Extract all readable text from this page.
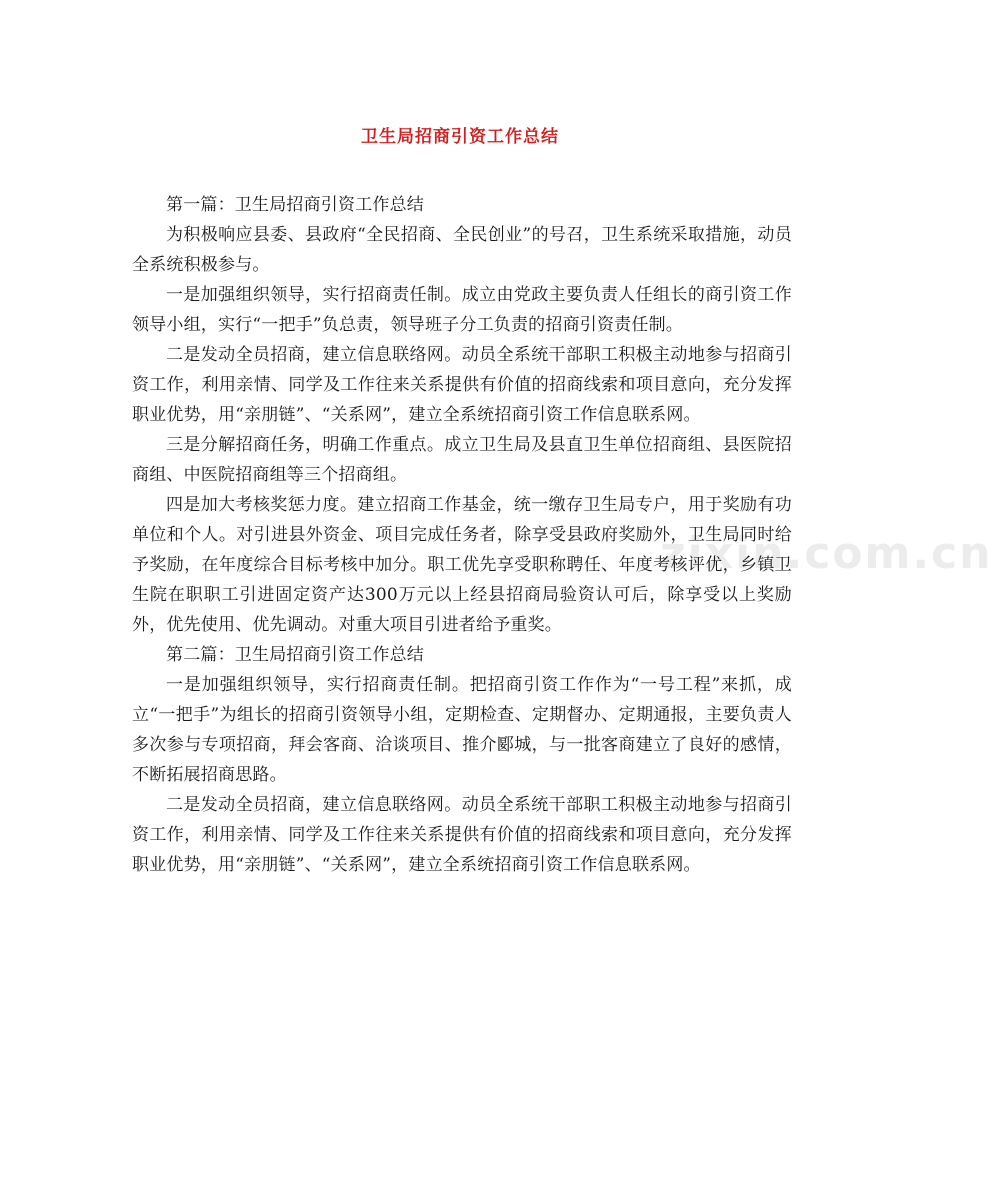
卫生局招商引资工作总结
zixin.com.cn

第一篇：卫生局招商引资工作总结

为积极响应县委、县政府“全民招商、全民创业”的号召，卫生系统采取措施，动员全系统积极参与。

一是加强组织领导，实行招商责任制。成立由党政主要负责人任组长的商引资工作领导小组，实行“一把手”负总责，领导班子分工负责的招商引资责任制。

二是发动全员招商，建立信息联络网。动员全系统干部职工积极主动地参与招商引资工作，利用亲情、同学及工作往来关系提供有价值的招商线索和项目意向，充分发挥职业优势，用“亲朋链”、“关系网”，建立全系统招商引资工作信息联系网。

三是分解招商任务，明确工作重点。成立卫生局及县直卫生单位招商组、县医院招商组、中医院招商组等三个招商组。

四是加大考核奖惩力度。建立招商工作基金，统一缴存卫生局专户，用于奖励有功单位和个人。对引进县外资金、项目完成任务者，除享受县政府奖励外，卫生局同时给予奖励，在年度综合目标考核中加分。职工优先享受职称聘任、年度考核评优，乡镇卫生院在职职工引进固定资产达300万元以上经县招商局验资认可后，除享受以上奖励外，优先使用、优先调动。对重大项目引进者给予重奖。

第二篇：卫生局招商引资工作总结

一是加强组织领导，实行招商责任制。把招商引资工作作为“一号工程”来抓，成立“一把手”为组长的招商引资领导小组，定期检查、定期督办、定期通报，主要负责人多次参与专项招商，拜会客商、洽谈项目、推介郾城，与一批客商建立了良好的感情，不断拓展招商思路。

二是发动全员招商，建立信息联络网。动员全系统干部职工积极主动地参与招商引资工作，利用亲情、同学及工作往来关系提供有价值的招商线索和项目意向，充分发挥职业优势，用“亲朋链”、“关系网”，建立全系统招商引资工作信息联系网。
